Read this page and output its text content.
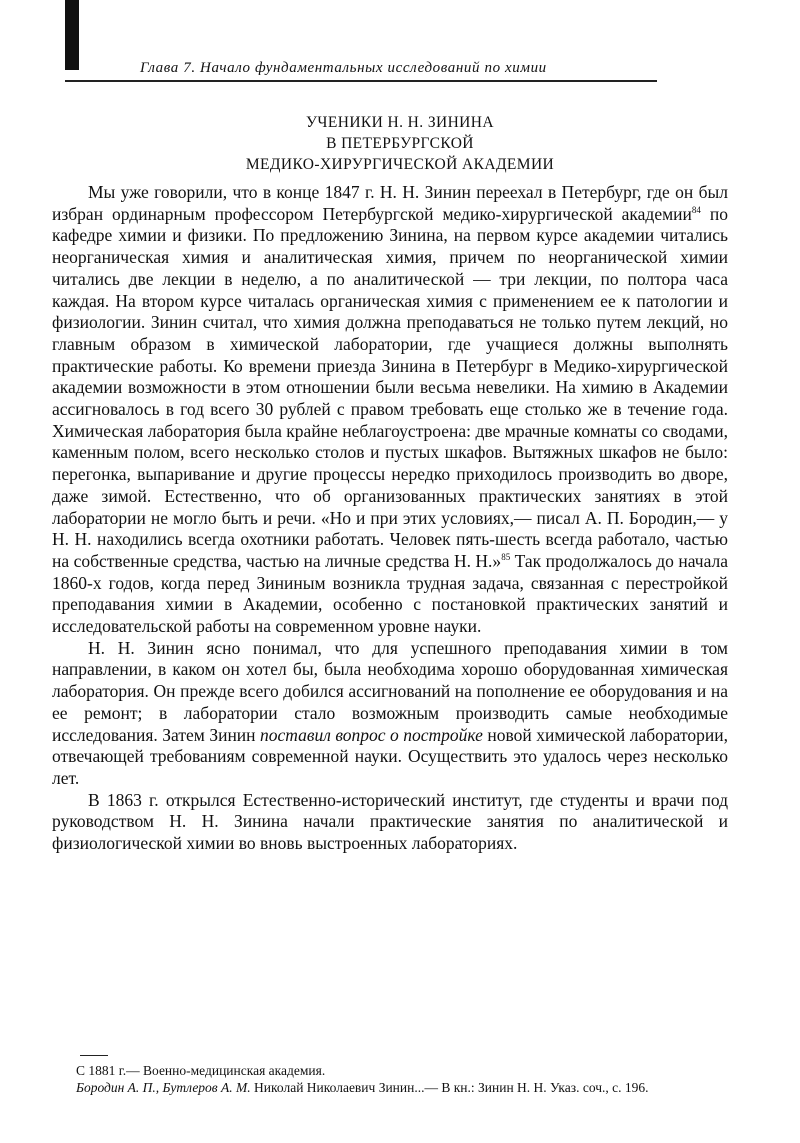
Глава 7. Начало фундаментальных исследований по химии
УЧЕНИКИ Н. Н. ЗИНИНА
В ПЕТЕРБУРГСКОЙ
МЕДИКО-ХИРУРГИЧЕСКОЙ АКАДЕМИИ

Мы уже говорили, что в конце 1847 г. Н. Н. Зинин переехал в Петербург, где он был избран ординарным профессором Петербургской медико-хирургической академии$^{84}$ по кафедре химии и физики. По предложению Зинина, на первом курсе академии читались неорганическая химия и аналитическая химия, причем по неорганической химии читались две лекции в неделю, а по аналитической — три лекции, по полтора часа каждая. На втором курсе читалась органическая химия с применением ее к патологии и физиологии. Зинин считал, что химия должна преподаваться не только путем лекций, но главным образом в химической лаборатории, где учащиеся должны выполнять практические работы. Ко времени приезда Зинина в Петербург в Медико-хирургической академии возможности в этом отношении были весьма невелики. На химию в Академии ассигновалось в год всего 30 рублей с правом требовать еще столько же в течение года. Химическая лаборатория была крайне неблагоустроена: две мрачные комнаты со сводами, каменным полом, всего несколько столов и пустых шкафов. Вытяжных шкафов не было: перегонка, выпаривание и другие процессы нередко приходилось производить во дворе, даже зимой. Естественно, что об организованных практических занятиях в этой лаборатории не могло быть и речи. «Но и при этих условиях,— писал А. П. Бородин,— у Н. Н. находились всегда охотники работать. Человек пять-шесть всегда работало, частью на собственные средства, частью на личные средства Н. Н.»$^{85}$ Так продолжалось до начала 1860-х годов, когда перед Зининым возникла трудная задача, связанная с перестройкой преподавания химии в Академии, особенно с постановкой практических занятий и исследовательской работы на современном уровне науки.

Н. Н. Зинин ясно понимал, что для успешного преподавания химии в том направлении, в каком он хотел бы, была необходима хорошо оборудованная химическая лаборатория. Он прежде всего добился ассигнований на пополнение ее оборудования и на ее ремонт; в лаборатории стало возможным производить самые необходимые исследования. Затем Зинин поставил вопрос о постройке новой химической лаборатории, отвечающей требованиям современной науки. Осуществить это удалось через несколько лет.

В 1863 г. открылся Естественно-исторический институт, где студенты и врачи под руководством Н. Н. Зинина начали практические занятия по аналитической и физиологической химии во вновь выстроенных лабораториях.

С 1881 г.— Военно-медицинская академия.

Бородин А. П., Бутлеров А. М. Николай Николаевич Зинин...— В кн.: Зинин Н. Н. Указ. соч., с. 196.
